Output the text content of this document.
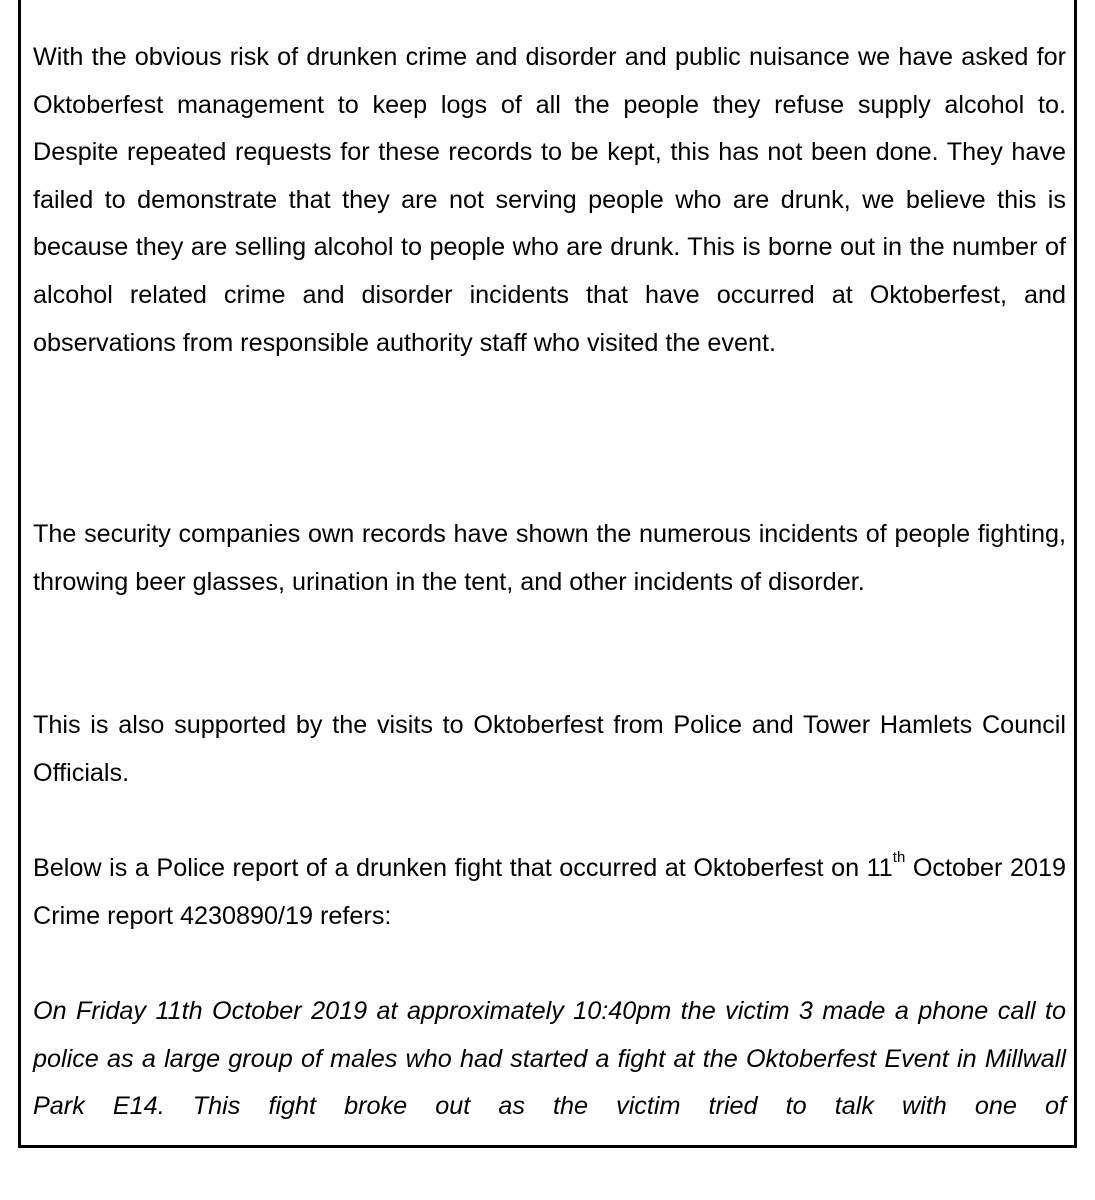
With the obvious risk of drunken crime and disorder and public nuisance we have asked for Oktoberfest management to keep logs of all the people they refuse supply alcohol to. Despite repeated requests for these records to be kept, this has not been done. They have failed to demonstrate that they are not serving people who are drunk, we believe this is because they are selling alcohol to people who are drunk. This is borne out in the number of alcohol related crime and disorder incidents that have occurred at Oktoberfest, and observations from responsible authority staff who visited the event.

The security companies own records have shown the numerous incidents of people fighting, throwing beer glasses, urination in the tent, and other incidents of disorder.

This is also supported by the visits to Oktoberfest from Police and Tower Hamlets Council Officials.

Below is a Police report of a drunken fight that occurred at Oktoberfest on 11th October 2019 Crime report 4230890/19 refers:

On Friday 11th October 2019 at approximately 10:40pm the victim 3 made a phone call to police as a large group of males who had started a fight at the Oktoberfest Event in Millwall Park E14. This fight broke out as the victim tried to talk with one of
